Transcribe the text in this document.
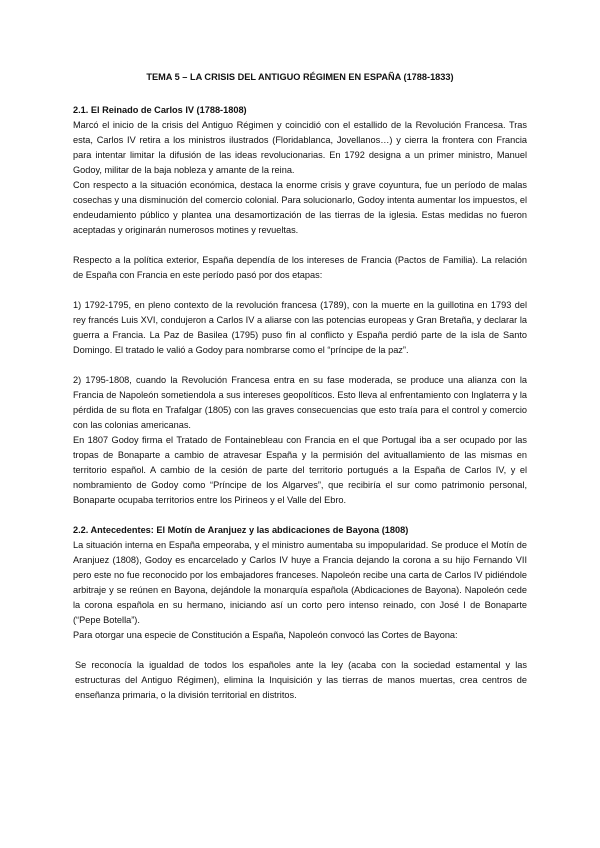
TEMA 5 – LA CRISIS DEL ANTIGUO RÉGIMEN EN ESPAÑA (1788-1833)
2.1. El Reinado de Carlos IV (1788-1808)

Marcó el inicio de la crisis del Antiguo Régimen y coincidió con el estallido de la Revolución Francesa. Tras esta, Carlos IV retira a los ministros ilustrados (Floridablanca, Jovellanos…) y cierra la frontera con Francia para intentar limitar la difusión de las ideas revolucionarias. En 1792 designa a un primer ministro, Manuel Godoy, militar de la baja nobleza y amante de la reina.

Con respecto a la situación económica, destaca la enorme crisis y grave coyuntura, fue un período de malas cosechas y una disminución del comercio colonial. Para solucionarlo, Godoy intenta aumentar los impuestos, el endeudamiento público y plantea una desamortización de las tierras de la iglesia. Estas medidas no fueron aceptadas y originarán numerosos motines y revueltas.

Respecto a la política exterior, España dependía de los intereses de Francia (Pactos de Familia). La relación de España con Francia en este período pasó por dos etapas:

1) 1792-1795, en pleno contexto de la revolución francesa (1789), con la muerte en la guillotina en 1793 del rey francés Luis XVI, condujeron a Carlos IV a aliarse con las potencias europeas y Gran Bretaña, y declarar la guerra a Francia. La Paz de Basilea (1795) puso fin al conflicto y España perdió parte de la isla de Santo Domingo. El tratado le valió a Godoy para nombrarse como el “príncipe de la paz”.

2) 1795-1808, cuando la Revolución Francesa entra en su fase moderada, se produce una alianza con la Francia de Napoleón sometiendola a sus intereses geopolíticos. Esto lleva al enfrentamiento con Inglaterra y la pérdida de su flota en Trafalgar (1805) con las graves consecuencias que esto traía para el control y comercio con las colonias americanas.

En 1807 Godoy firma el Tratado de Fontainebleau con Francia en el que Portugal iba a ser ocupado por las tropas de Bonaparte a cambio de atravesar España y la permisión del avituallamiento de las mismas en territorio español. A cambio de la cesión de parte del territorio portugués a la España de Carlos IV, y el nombramiento de Godoy como “Príncipe de los Algarves”, que recibiría el sur como patrimonio personal, Bonaparte ocupaba territorios entre los Pirineos y el Valle del Ebro.

2.2. Antecedentes: El Motín de Aranjuez y las abdicaciones de Bayona (1808)

La situación interna en España empeoraba, y el ministro aumentaba su impopularidad. Se produce el Motín de Aranjuez (1808), Godoy es encarcelado y Carlos IV huye a Francia dejando la corona a su hijo Fernando VII pero este no fue reconocido por los embajadores franceses. Napoleón recibe una carta de Carlos IV pidiéndole arbitraje y se reúnen en Bayona, dejándole la monarquía española (Abdicaciones de Bayona). Napoleón cede la corona española en su hermano, iniciando así un corto pero intenso reinado, con José I de Bonaparte (“Pepe Botella”).

Para otorgar una especie de Constitución a España, Napoleón convocó las Cortes de Bayona:

Se reconocía la igualdad de todos los españoles ante la ley (acaba con la sociedad estamental y las estructuras del Antiguo Régimen), elimina la Inquisición y las tierras de manos muertas, crea centros de enseñanza primaria, o la división territorial en distritos.
